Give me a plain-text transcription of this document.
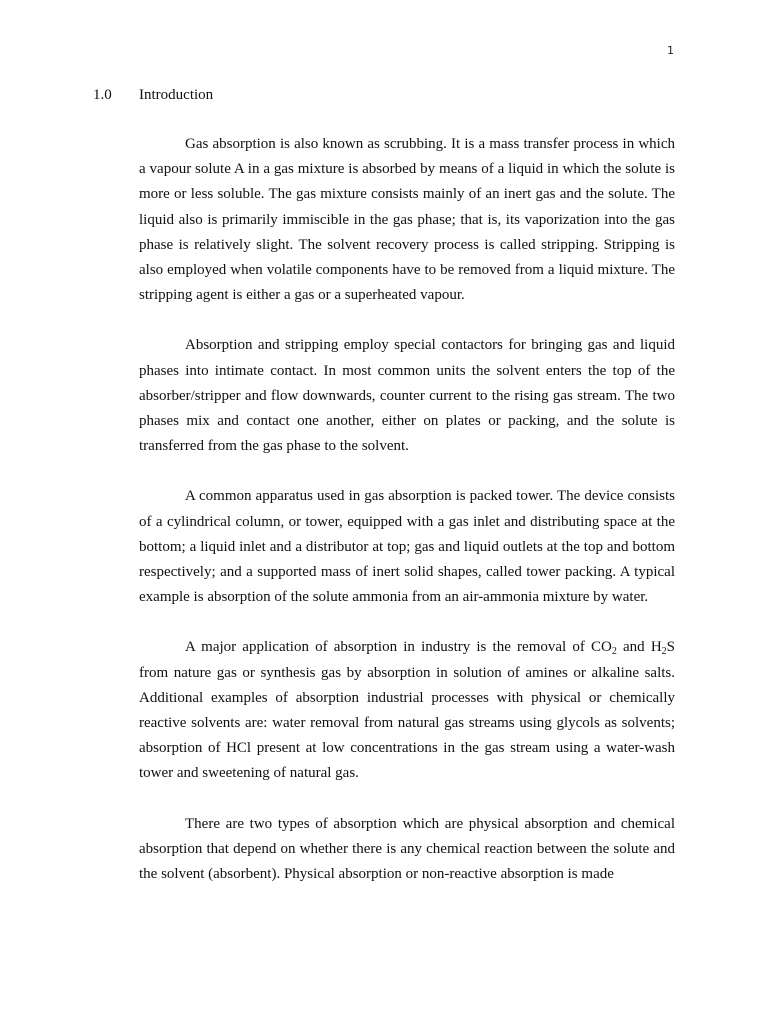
1
1.0 Introduction

Gas absorption is also known as scrubbing. It is a mass transfer process in which a vapour solute A in a gas mixture is absorbed by means of a liquid in which the solute is more or less soluble. The gas mixture consists mainly of an inert gas and the solute. The liquid also is primarily immiscible in the gas phase; that is, its vaporization into the gas phase is relatively slight. The solvent recovery process is called stripping. Stripping is also employed when volatile components have to be removed from a liquid mixture. The stripping agent is either a gas or a superheated vapour.

Absorption and stripping employ special contactors for bringing gas and liquid phases into intimate contact. In most common units the solvent enters the top of the absorber/stripper and flow downwards, counter current to the rising gas stream. The two phases mix and contact one another, either on plates or packing, and the solute is transferred from the gas phase to the solvent.

A common apparatus used in gas absorption is packed tower. The device consists of a cylindrical column, or tower, equipped with a gas inlet and distributing space at the bottom; a liquid inlet and a distributor at top; gas and liquid outlets at the top and bottom respectively; and a supported mass of inert solid shapes, called tower packing. A typical example is absorption of the solute ammonia from an air-ammonia mixture by water.

A major application of absorption in industry is the removal of $CO_2$ and $H_2S$ from nature gas or synthesis gas by absorption in solution of amines or alkaline salts. Additional examples of absorption industrial processes with physical or chemically reactive solvents are: water removal from natural gas streams using glycols as solvents; absorption of HCl present at low concentrations in the gas stream using a water-wash tower and sweetening of natural gas.

There are two types of absorption which are physical absorption and chemical absorption that depend on whether there is any chemical reaction between the solute and the solvent (absorbent). Physical absorption or non-reactive absorption is made
